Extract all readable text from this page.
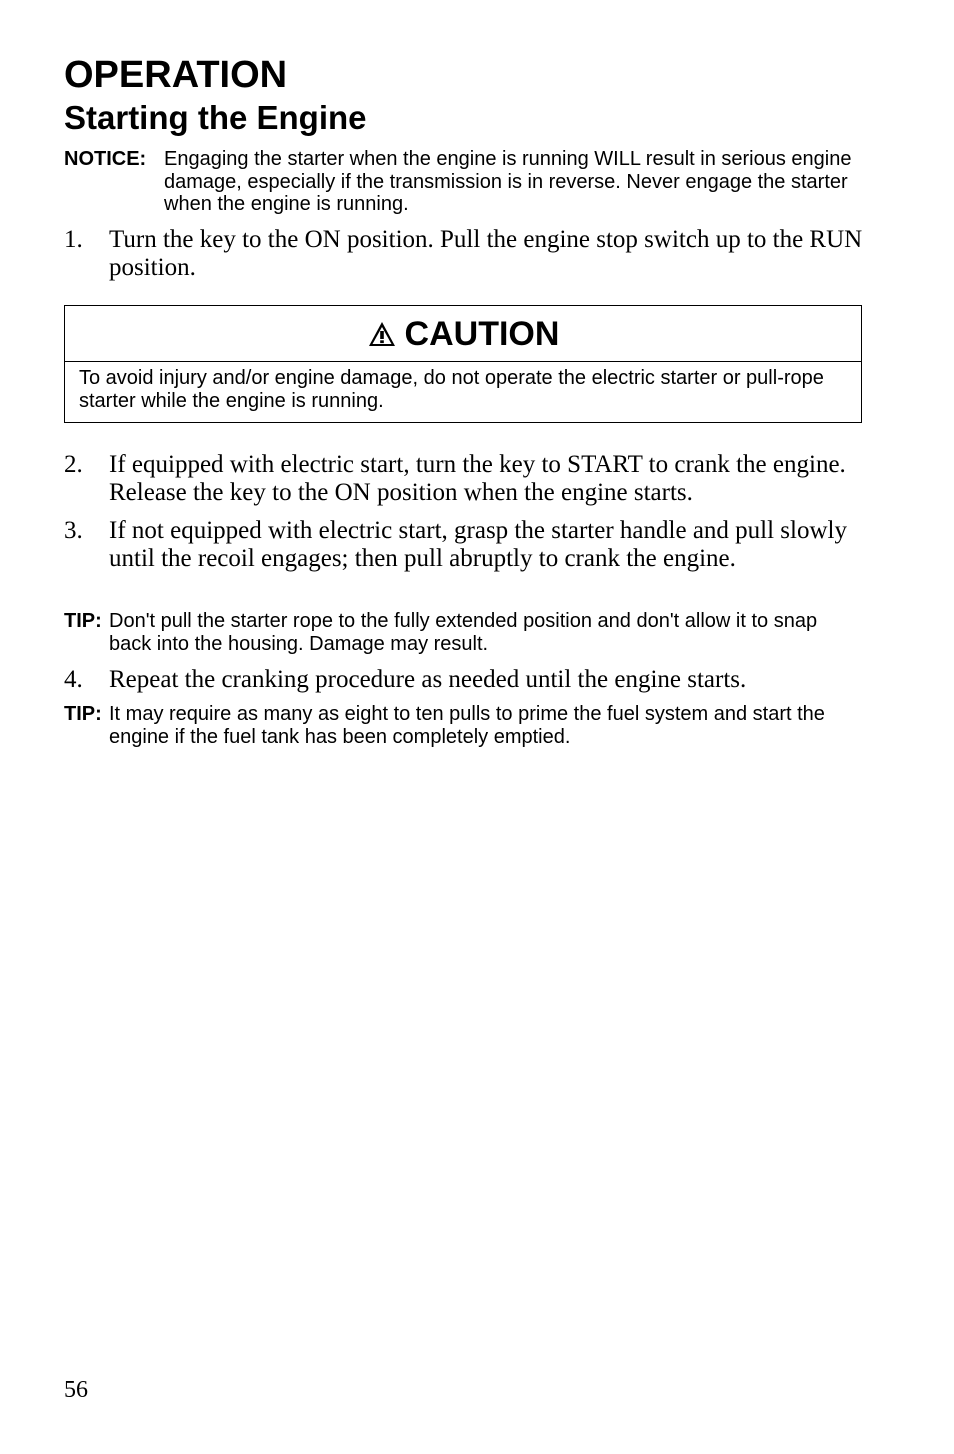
OPERATION
Starting the Engine
NOTICE: Engaging the starter when the engine is running WILL result in serious engine damage, especially if the transmission is in reverse. Never engage the starter when the engine is running.
1.	Turn the key to the ON position. Pull the engine stop switch up to the RUN position.
CAUTION
To avoid injury and/or engine damage, do not operate the electric starter or pull-rope starter while the engine is running.
2.	If equipped with electric start, turn the key to START to crank the engine. Release the key to the ON position when the engine starts.
3.	If not equipped with electric start, grasp the starter handle and pull slowly until the recoil engages; then pull abruptly to crank the engine.
TIP: Don't pull the starter rope to the fully extended position and don't allow it to snap back into the housing. Damage may result.
4.	Repeat the cranking procedure as needed until the engine starts.
TIP: It may require as many as eight to ten pulls to prime the fuel system and start the engine if the fuel tank has been completely emptied.
56
